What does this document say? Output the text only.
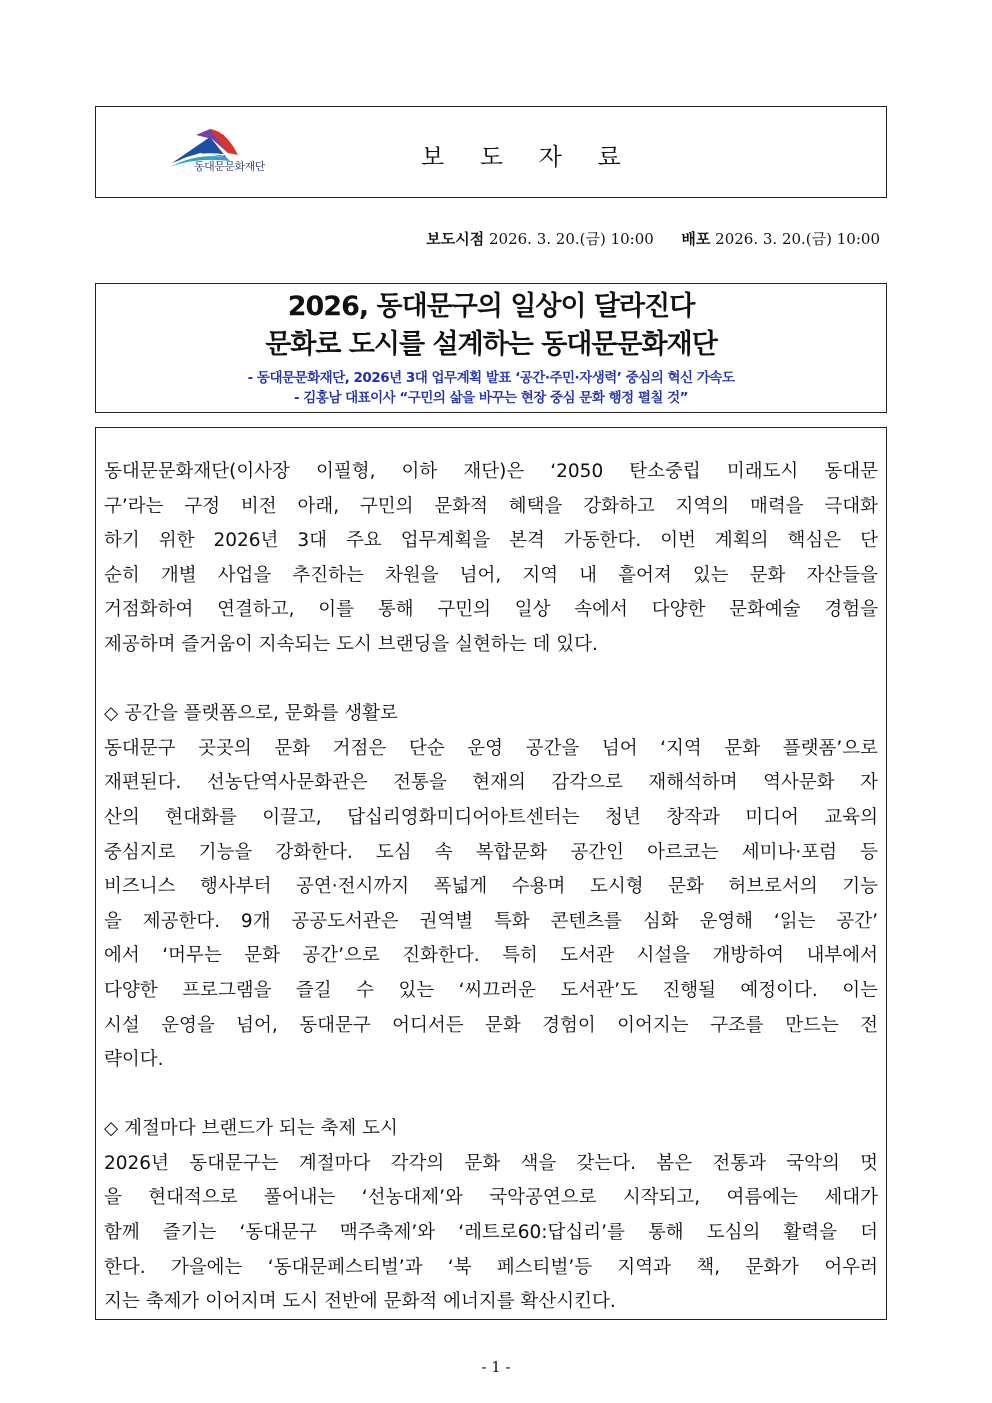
동대문문화재단	보 도 자 료
보도시점 2026. 3. 20.(금) 10:00 배포 2026. 3. 20.(금) 10:00
2026, 동대문구의 일상이 달라진다
문화로 도시를 설계하는 동대문문화재단
- 동대문문화재단, 2026년 3대 업무계획 발표 ‘공간·주민·자생력’ 중심의 혁신 가속도
- 김홍남 대표이사 “구민의 삶을 바꾸는 현장 중심 문화 행정 펼칠 것”
동대문문화재단(이사장 이필형, 이하 재단)은 ‘2050 탄소중립 미래도시 동대문
구’라는 구정 비전 아래, 구민의 문화적 혜택을 강화하고 지역의 매력을 극대화
하기 위한 2026년 3대 주요 업무계획을 본격 가동한다. 이번 계획의 핵심은 단
순히 개별 사업을 추진하는 차원을 넘어, 지역 내 흩어져 있는 문화 자산들을
거점화하여 연결하고, 이를 통해 구민의 일상 속에서 다양한 문화예술 경험을
제공하며 즐거움이 지속되는 도시 브랜딩을 실현하는 데 있다.
◇ 공간을 플랫폼으로, 문화를 생활로
동대문구 곳곳의 문화 거점은 단순 운영 공간을 넘어 ‘지역 문화 플랫폼’으로
재편된다. 선농단역사문화관은 전통을 현재의 감각으로 재해석하며 역사문화 자
산의 현대화를 이끌고, 답십리영화미디어아트센터는 청년 창작과 미디어 교육의
중심지로 기능을 강화한다. 도심 속 복합문화 공간인 아르코는 세미나·포럼 등
비즈니스 행사부터 공연·전시까지 폭넓게 수용며 도시형 문화 허브로서의 기능
을 제공한다. 9개 공공도서관은 권역별 특화 콘텐츠를 심화 운영해 ‘읽는 공간’
에서 ‘머무는 문화 공간’으로 진화한다. 특히 도서관 시설을 개방하여 내부에서
다양한 프로그램을 즐길 수 있는 ‘씨끄러운 도서관’도 진행될 예정이다. 이는
시설 운영을 넘어, 동대문구 어디서든 문화 경험이 이어지는 구조를 만드는 전
략이다.
◇ 계절마다 브랜드가 되는 축제 도시
2026년 동대문구는 계절마다 각각의 문화 색을 갖는다. 봄은 전통과 국악의 멋
을 현대적으로 풀어내는 ‘선농대제’와 국악공연으로 시작되고, 여름에는 세대가
함께 즐기는 ‘동대문구 맥주축제’와 ‘레트로60:답십리’를 통해 도심의 활력을 더
한다. 가을에는 ‘동대문페스티벌’과 ‘북 페스티벌’등 지역과 책, 문화가 어우러
지는 축제가 이어지며 도시 전반에 문화적 에너지를 확산시킨다.
- 1 -
